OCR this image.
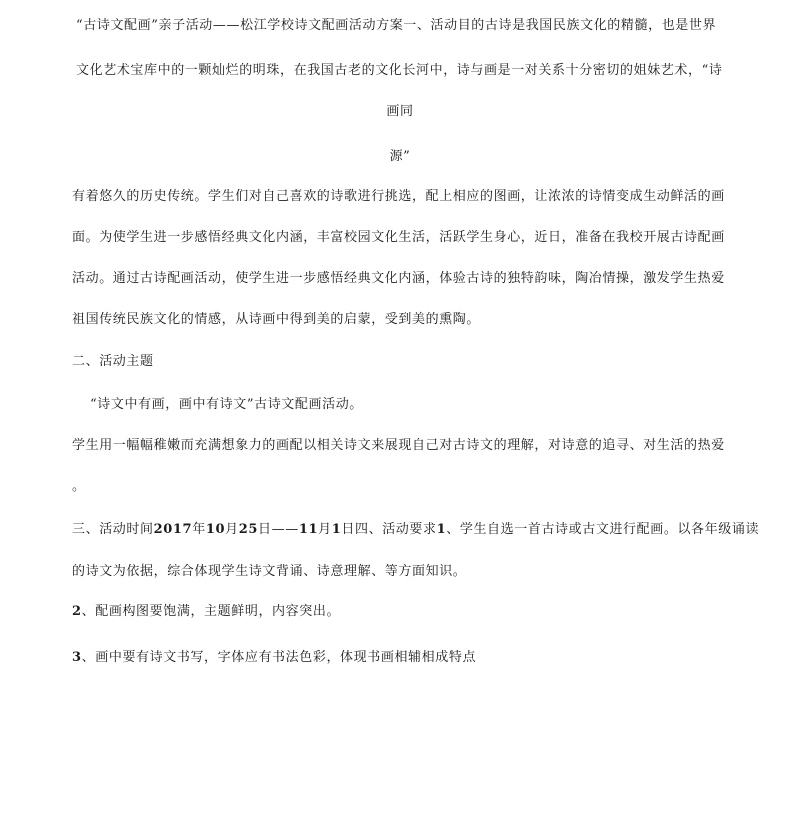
“古诗文配画”亲子活动——松江学校诗文配画活动方案一、活动目的古诗是我国民族文化的精髓，也是世界
文化艺术宝库中的一颗灿烂的明珠，在我国古老的文化长河中，诗与画是一对关系十分密切的姐妹艺术，“诗
画同
源”
有着悠久的历史传统。学生们对自己喜欢的诗歌进行挑选，配上相应的图画，让浓浓的诗情变成生动鲜活的画
面。为使学生进一步感悟经典文化内涵，丰富校园文化生活，活跃学生身心，近日，准备在我校开展古诗配画
活动。通过古诗配画活动，使学生进一步感悟经典文化内涵，体验古诗的独特韵味，陶冶情操，激发学生热爱
祖国传统民族文化的情感，从诗画中得到美的启蒙，受到美的熏陶。
二、活动主题
“诗文中有画，画中有诗文”古诗文配画活动。
学生用一幅幅稚嫩而充满想象力的画配以相关诗文来展现自己对古诗文的理解，对诗意的追寻、对生活的热爱
。
三、活动时间2017年10月25日——11月1日四、活动要求1、学生自选一首古诗或古文进行配画。以各年级诵读
的诗文为依据，综合体现学生诗文背诵、诗意理解、等方面知识。
2、配画构图要饱满，主题鲜明，内容突出。
3、画中要有诗文书写，字体应有书法色彩，体现书画相辅相成特点
